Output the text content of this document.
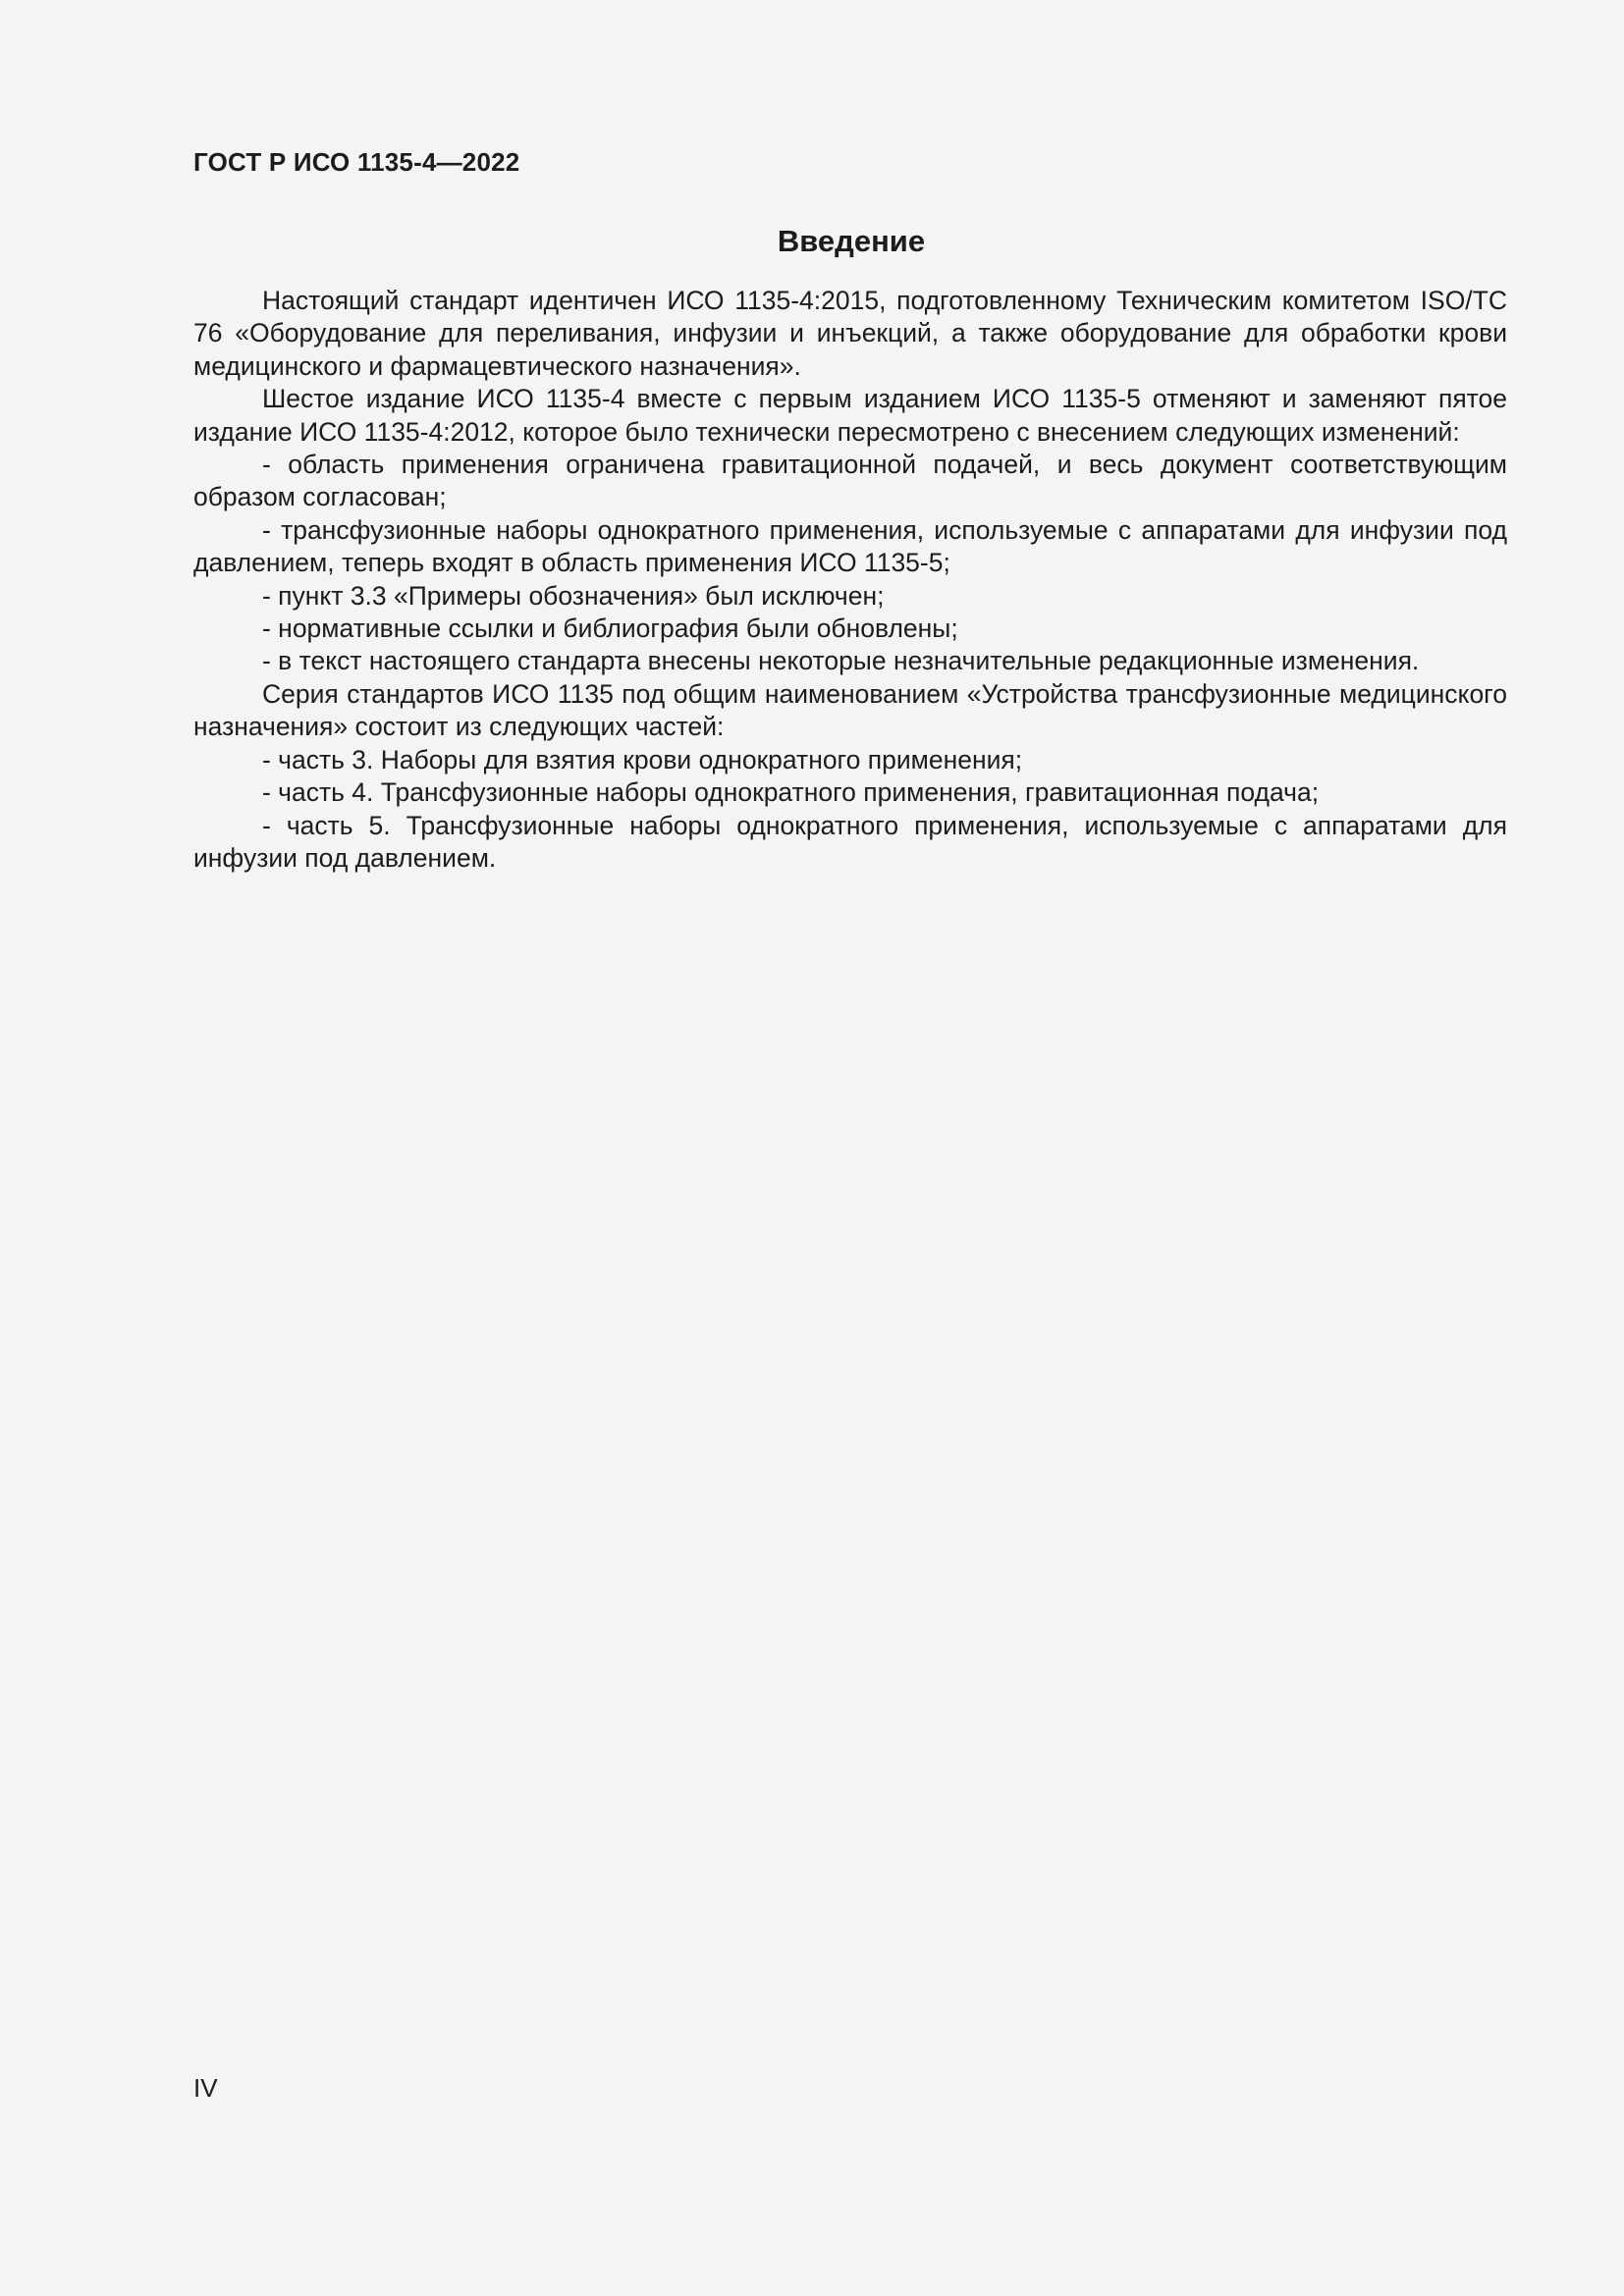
ГОСТ Р ИСО 1135-4—2022
Введение

Настоящий стандарт идентичен ИСО 1135-4:2015, подготовленному Техническим комитетом ISO/TC 76 «Оборудование для переливания, инфузии и инъекций, а также оборудование для обработки крови медицинского и фармацевтического назначения».

Шестое издание ИСО 1135-4 вместе с первым изданием ИСО 1135-5 отменяют и заменяют пятое издание ИСО 1135-4:2012, которое было технически пересмотрено с внесением следующих изменений:

- область применения ограничена гравитационной подачей, и весь документ соответствующим образом согласован;

- трансфузионные наборы однократного применения, используемые с аппаратами для инфузии под давлением, теперь входят в область применения ИСО 1135-5;

- пункт 3.3 «Примеры обозначения» был исключен;

- нормативные ссылки и библиография были обновлены;

- в текст настоящего стандарта внесены некоторые незначительные редакционные изменения.

Серия стандартов ИСО 1135 под общим наименованием «Устройства трансфузионные медицинского назначения» состоит из следующих частей:

- часть 3. Наборы для взятия крови однократного применения;

- часть 4. Трансфузионные наборы однократного применения, гравитационная подача;

- часть 5. Трансфузионные наборы однократного применения, используемые с аппаратами для инфузии под давлением.

IV
